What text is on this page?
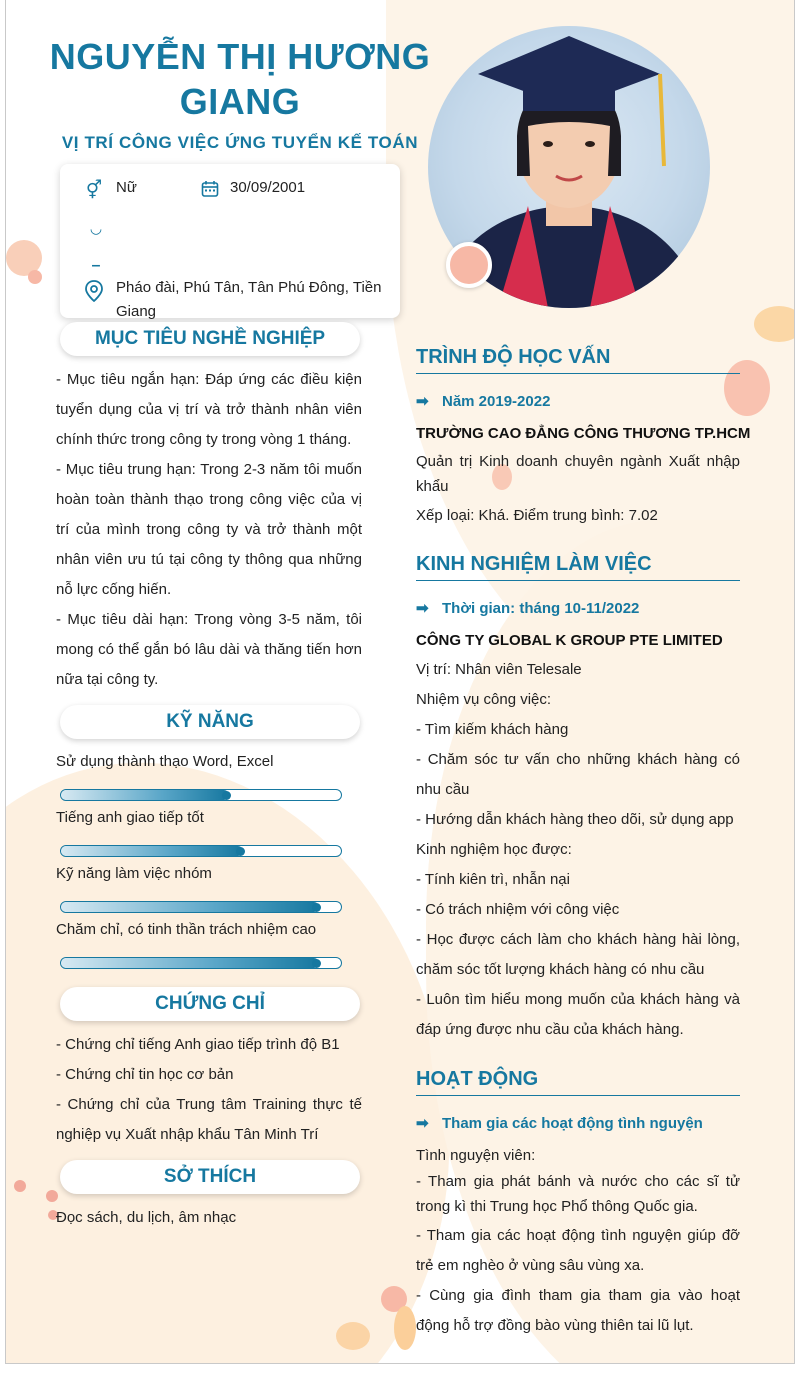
NGUYỄN THỊ HƯƠNG
GIANG
VỊ TRÍ CÔNG VIỆC ỨNG TUYỂN KẾ TOÁN
⚥ Nữ	30/09/2001
◡
▁
Pháo đài, Phú Tân, Tân Phú Đông, Tiền Giang
MỤC TIÊU NGHỀ NGHIỆP

- Mục tiêu ngắn hạn: Đáp ứng các điều kiện tuyển dụng của vị trí và trở thành nhân viên chính thức trong công ty trong vòng 1 tháng.

- Mục tiêu trung hạn: Trong 2-3 năm tôi muốn hoàn toàn thành thạo trong công việc của vị trí của mình trong công ty và trở thành một nhân viên ưu tú tại công ty thông qua những nỗ lực cống hiến.

- Mục tiêu dài hạn: Trong vòng 3-5 năm, tôi mong có thể gắn bó lâu dài và thăng tiến hơn nữa tại công ty.

KỸ NĂNG
Sử dụng thành thạo Word, Excel
Tiếng anh giao tiếp tốt
Kỹ năng làm việc nhóm
Chăm chỉ, có tinh thần trách nhiệm cao
CHỨNG CHỈ

- Chứng chỉ tiếng Anh giao tiếp trình độ B1

- Chứng chỉ tin học cơ bản

- Chứng chỉ của Trung tâm Training thực tế nghiệp vụ Xuất nhập khẩu Tân Minh Trí

SỞ THÍCH

Đọc sách, du lịch, âm nhạc

TRÌNH ĐỘ HỌC VẤN
➡ Năm 2019-2022
TRƯỜNG CAO ĐẲNG CÔNG THƯƠNG TP.HCM

Quản trị Kinh doanh chuyên ngành Xuất nhập khẩu

Xếp loại: Khá. Điểm trung bình: 7.02

KINH NGHIỆM LÀM VIỆC
➡ Thời gian: tháng 10-11/2022
CÔNG TY GLOBAL K GROUP PTE LIMITED

Vị trí: Nhân viên Telesale

Nhiệm vụ công việc:

- Tìm kiếm khách hàng

- Chăm sóc tư vấn cho những khách hàng có nhu cầu

- Hướng dẫn khách hàng theo dõi, sử dụng app

Kinh nghiệm học được:

- Tính kiên trì, nhẫn nại

- Có trách nhiệm với công việc

- Học được cách làm cho khách hàng hài lòng, chăm sóc tốt lượng khách hàng có nhu cầu

- Luôn tìm hiểu mong muốn của khách hàng và đáp ứng được nhu cầu của khách hàng.

HOẠT ĐỘNG
➡ Tham gia các hoạt động tình nguyện

Tình nguyện viên:

- Tham gia phát bánh và nước cho các sĩ tử trong kì thi Trung học Phổ thông Quốc gia.

- Tham gia các hoạt động tình nguyện giúp đỡ trẻ em nghèo ở vùng sâu vùng xa.

- Cùng gia đình tham gia tham gia vào hoạt động hỗ trợ đồng bào vùng thiên tai lũ lụt.
